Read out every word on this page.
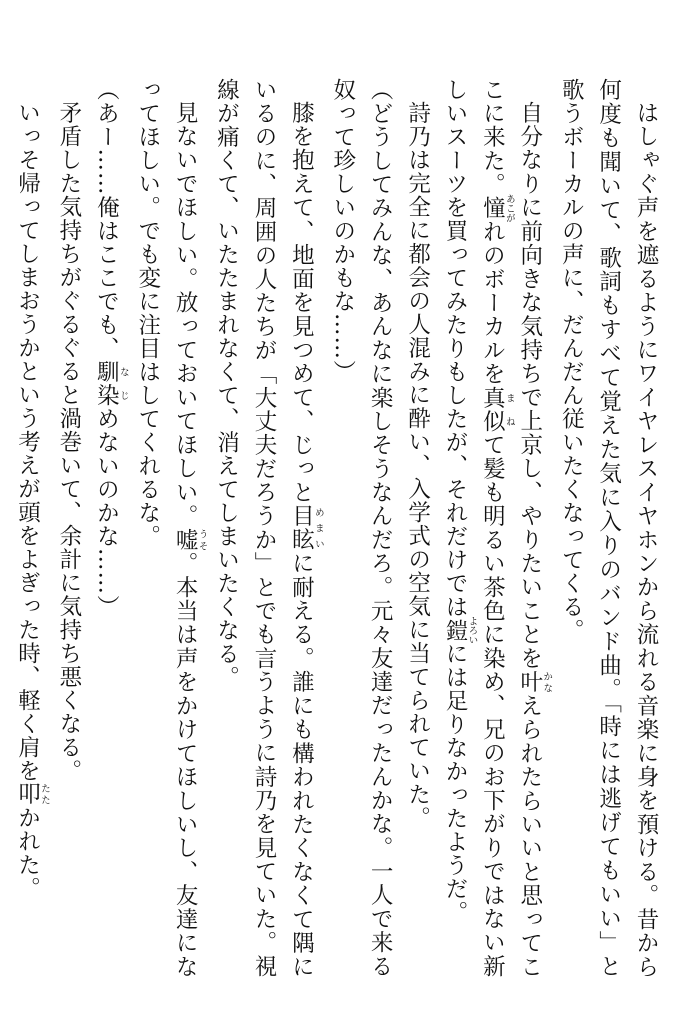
はしゃぐ声を遮るようにワイヤレスイヤホンから流れる音楽に身を預ける。昔から何度も聞いて、歌詞もすべて覚えた気に入りのバンド曲。「時には逃げてもいい」と歌うボーカルの声に、だんだん従いたくなってくる。

自分なりに前向きな気持ちで上京し、やりたいことを叶かなえられたらいいと思ってここに来た。憧あこがれのボーカルを真似まねて髪も明るい茶色に染め、兄のお下がりではない新しいスーツを買ってみたりもしたが、それだけでは鎧よろいには足りなかったようだ。

詩乃は完全に都会の人混みに酔い、入学式の空気に当てられていた。

（どうしてみんな、あんなに楽しそうなんだろ。元々友達だったんかな。一人で来る奴って珍しいのかもな……）

膝を抱えて、地面を見つめて、じっと目眩めまいに耐える。誰にも構われたくなくて隅にいるのに、周囲の人たちが「大丈夫だろうか」とでも言うように詩乃を見ていた。視線が痛くて、いたたまれなくて、消えてしまいたくなる。

見ないでほしい。放っておいてほしい。嘘うそ。本当は声をかけてほしいし、友達になってほしい。でも変に注目はしてくれるな。

（あー……俺はここでも、馴染なじめないのかな……）

矛盾した気持ちがぐるぐると渦巻いて、余計に気持ち悪くなる。

いっそ帰ってしまおうかという考えが頭をよぎった時、軽く肩を叩たたかれた。
